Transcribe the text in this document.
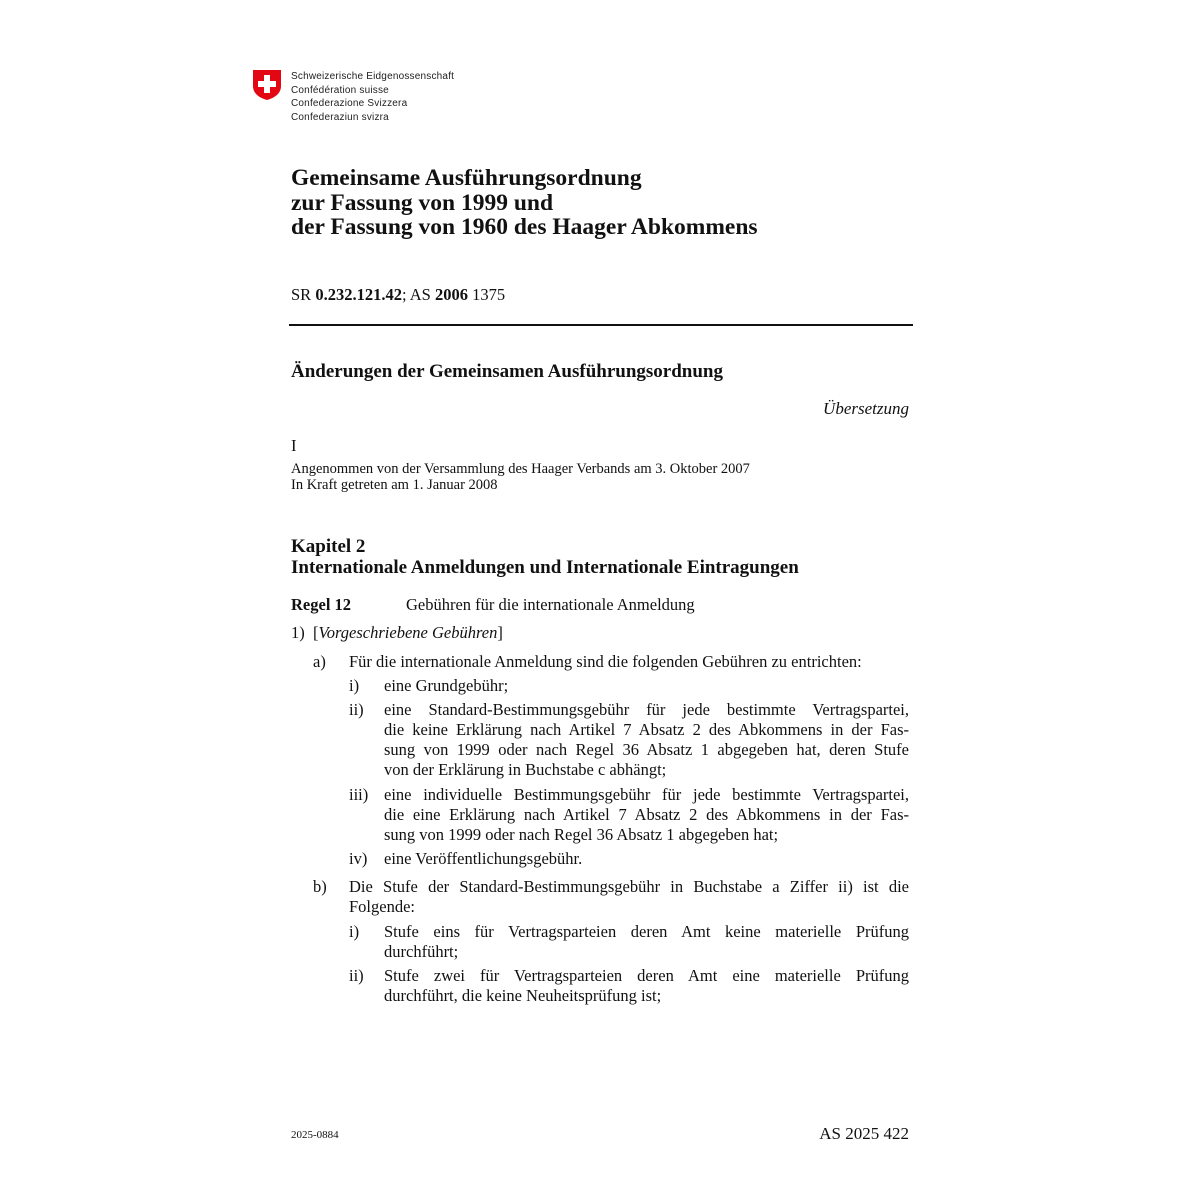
Schweizerische Eidgenossenschaft
Confédération suisse
Confederazione Svizzera
Confederaziun svizra
Gemeinsame Ausführungsordnung
zur Fassung von 1999 und
der Fassung von 1960 des Haager Abkommens
SR 0.232.121.42; AS 2006 1375
Änderungen der Gemeinsamen Ausführungsordnung
Übersetzung
I
Angenommen von der Versammlung des Haager Verbands am 3. Oktober 2007
In Kraft getreten am 1. Januar 2008
Kapitel 2
Internationale Anmeldungen und Internationale Eintragungen
Regel 12	Gebühren für die internationale Anmeldung
1) [Vorgeschriebene Gebühren]
a) Für die internationale Anmeldung sind die folgenden Gebühren zu entrichten:
i) eine Grundgebühr;
ii) eine Standard-Bestimmungsgebühr für jede bestimmte Vertragspartei,
die keine Erklärung nach Artikel 7 Absatz 2 des Abkommens in der Fas-
sung von 1999 oder nach Regel 36 Absatz 1 abgegeben hat, deren Stufe
von der Erklärung in Buchstabe c abhängt;
iii) eine individuelle Bestimmungsgebühr für jede bestimmte Vertragspartei,
die eine Erklärung nach Artikel 7 Absatz 2 des Abkommens in der Fas-
sung von 1999 oder nach Regel 36 Absatz 1 abgegeben hat;
iv) eine Veröffentlichungsgebühr.
b) Die Stufe der Standard-Bestimmungsgebühr in Buchstabe a Ziffer ii) ist die
Folgende:
i) Stufe eins für Vertragsparteien deren Amt keine materielle Prüfung
durchführt;
ii) Stufe zwei für Vertragsparteien deren Amt eine materielle Prüfung
durchführt, die keine Neuheitsprüfung ist;
2025-0884	AS 2025 422
